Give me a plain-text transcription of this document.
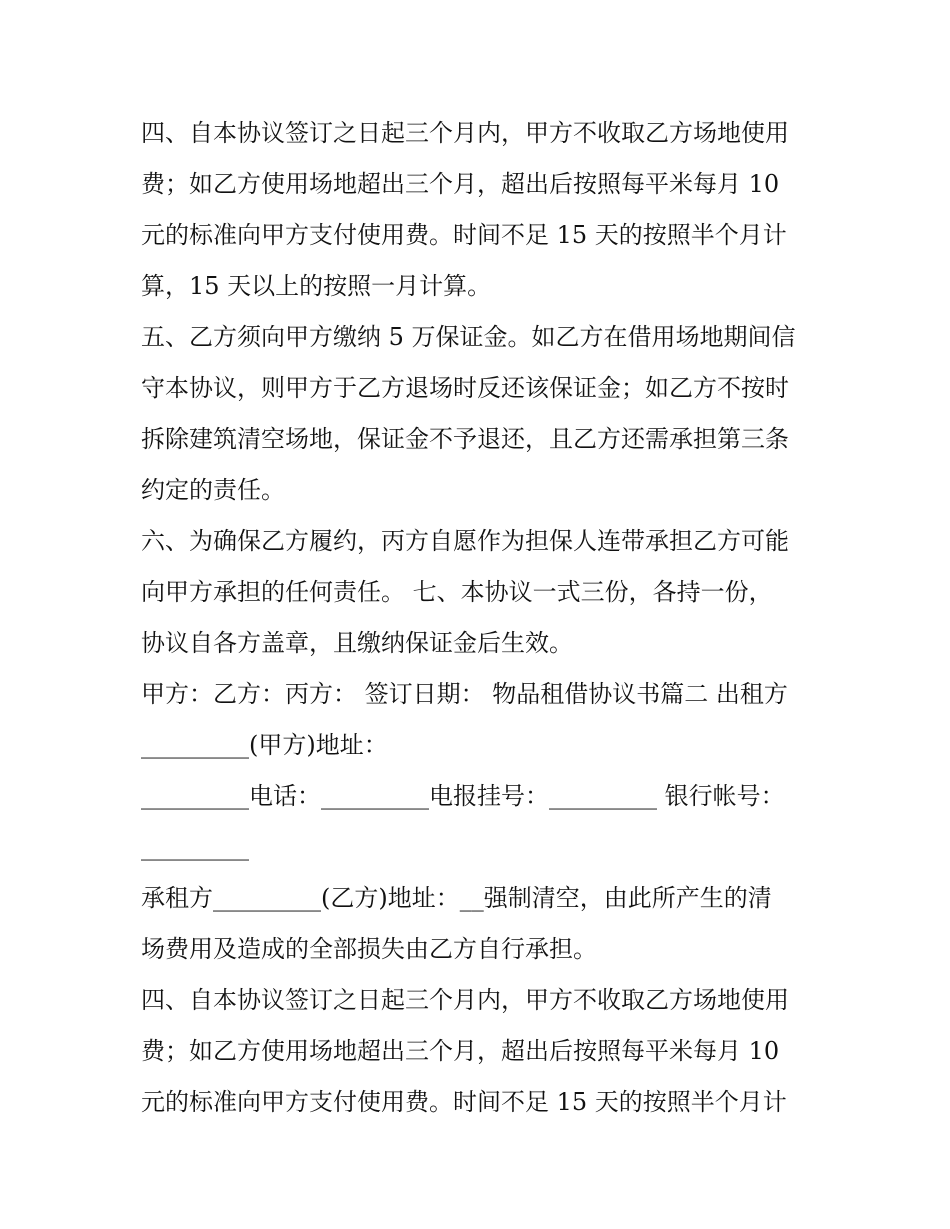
四、自本协议签订之日起三个月内，甲方不收取乙方场地使用
费；如乙方使用场地超出三个月，超出后按照每平米每月 10
元的标准向甲方支付使用费。时间不足 15 天的按照半个月计
算，15 天以上的按照一月计算。
五、乙方须向甲方缴纳 5 万保证金。如乙方在借用场地期间信
守本协议，则甲方于乙方退场时反还该保证金；如乙方不按时
拆除建筑清空场地，保证金不予退还，且乙方还需承担第三条
约定的责任。
六、为确保乙方履约，丙方自愿作为担保人连带承担乙方可能
向甲方承担的任何责任。 七、本协议一式三份，各持一份，
协议自各方盖章，且缴纳保证金后生效。
甲方：乙方：丙方： 签订日期： 物品租借协议书篇二 出租方
_________(甲方)地址：
_________电话：_________电报挂号：_________ 银行帐号：
_________
承租方_________(乙方)地址：__强制清空，由此所产生的清
场费用及造成的全部损失由乙方自行承担。
四、自本协议签订之日起三个月内，甲方不收取乙方场地使用
费；如乙方使用场地超出三个月，超出后按照每平米每月 10
元的标准向甲方支付使用费。时间不足 15 天的按照半个月计
